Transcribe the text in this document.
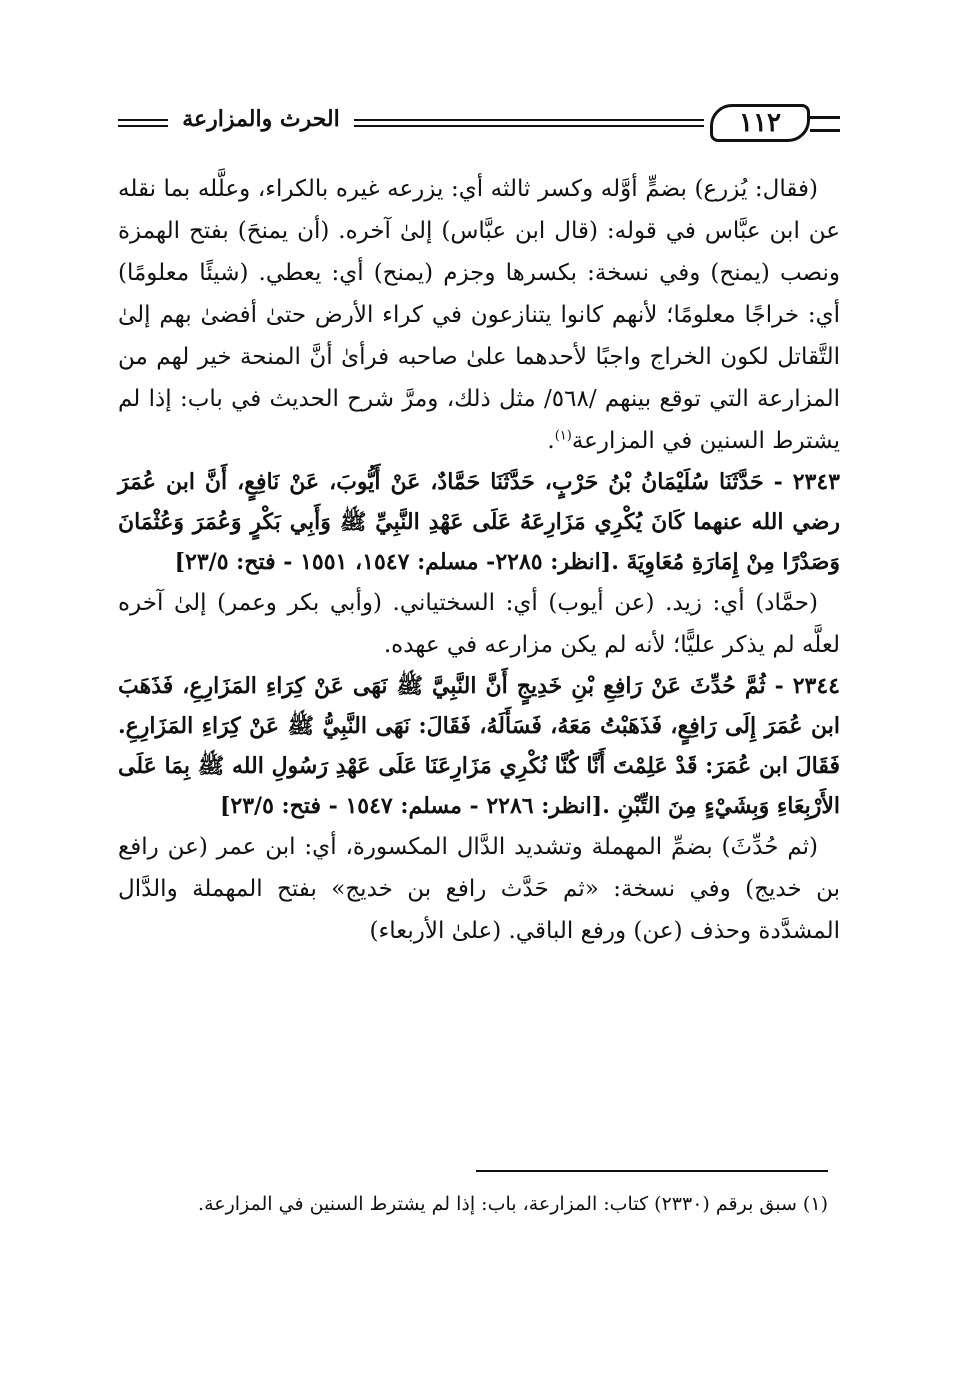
الحرث والمزارعة	١١٢

(فقال: يُزرع) بضمٍّ أوَّله وكسر ثالثه أي: يزرعه غيره بالكراء، وعلَّله بما نقله عن ابن عبَّاس في قوله: (قال ابن عبَّاس) إلىٰ آخره. (أن يمنحَ) بفتح الهمزة ونصب (يمنح) وفي نسخة: بكسرها وجزم (يمنح) أي: يعطي. (شيئًا معلومًا) أي: خراجًا معلومًا؛ لأنهم كانوا يتنازعون في كراء الأرض حتىٰ أفضىٰ بهم إلىٰ التَّقاتل لكون الخراج واجبًا لأحدهما علىٰ صاحبه فرأىٰ أنَّ المنحة خير لهم من المزارعة التي توقع بينهم /٥٦٨/ مثل ذلك، ومرَّ شرح الحديث في باب: إذا لم يشترط السنين في المزارعة$^{(١)}$.

٢٣٤٣ - حَدَّثَنَا سُلَيْمَانُ بْنُ حَرْبٍ، حَدَّثَنَا حَمَّادٌ، عَنْ أَيُّوبَ، عَنْ نَافِعٍ، أَنَّ ابن عُمَرَ رضي الله عنهما كَانَ يُكْرِي مَزَارِعَهُ عَلَى عَهْدِ النَّبِيِّ ﷺ وَأَبِي بَكْرٍ وَعُمَرَ وَعُثْمَانَ وَصَدْرًا مِنْ إِمَارَةِ مُعَاوِيَةَ .[انظر: ٢٢٨٥- مسلم: ١٥٤٧، ١٥٥١ - فتح: ٢٣/٥]

(حمَّاد) أي: زيد. (عن أيوب) أي: السختياني. (وأبي بكر وعمر) إلىٰ آخره لعلَّه لم يذكر عليًّا؛ لأنه لم يكن مزارعه في عهده.

٢٣٤٤ - ثُمَّ حُدِّثَ عَنْ رَافِعِ بْنِ خَدِيجٍ أَنَّ النَّبِيَّ ﷺ نَهَى عَنْ كِرَاءِ المَزَارِعِ، فَذَهَبَ ابن عُمَرَ إِلَى رَافِعٍ، فَذَهَبْتُ مَعَهُ، فَسَأَلَهُ، فَقَالَ: نَهَى النَّبِيُّ ﷺ عَنْ كِرَاءِ المَزَارِعِ. فَقَالَ ابن عُمَرَ: قَدْ عَلِمْتَ أَنَّا كُنَّا نُكْرِي مَزَارِعَنَا عَلَى عَهْدِ رَسُولِ الله ﷺ بِمَا عَلَى الأَرْبِعَاءِ وَبِشَيْءٍ مِنَ التِّبْنِ .[انظر: ٢٢٨٦ - مسلم: ١٥٤٧ - فتح: ٢٣/٥]

(ثم حُدِّثَ) بضمِّ المهملة وتشديد الدَّال المكسورة، أي: ابن عمر (عن رافع بن خديج) وفي نسخة: «ثم حَدَّث رافع بن خديج» بفتح المهملة والدَّال المشدَّدة وحذف (عن) ورفع الباقي. (علىٰ الأربعاء)

(١) سبق برقم (٢٣٣٠) كتاب: المزارعة، باب: إذا لم يشترط السنين في المزارعة.
